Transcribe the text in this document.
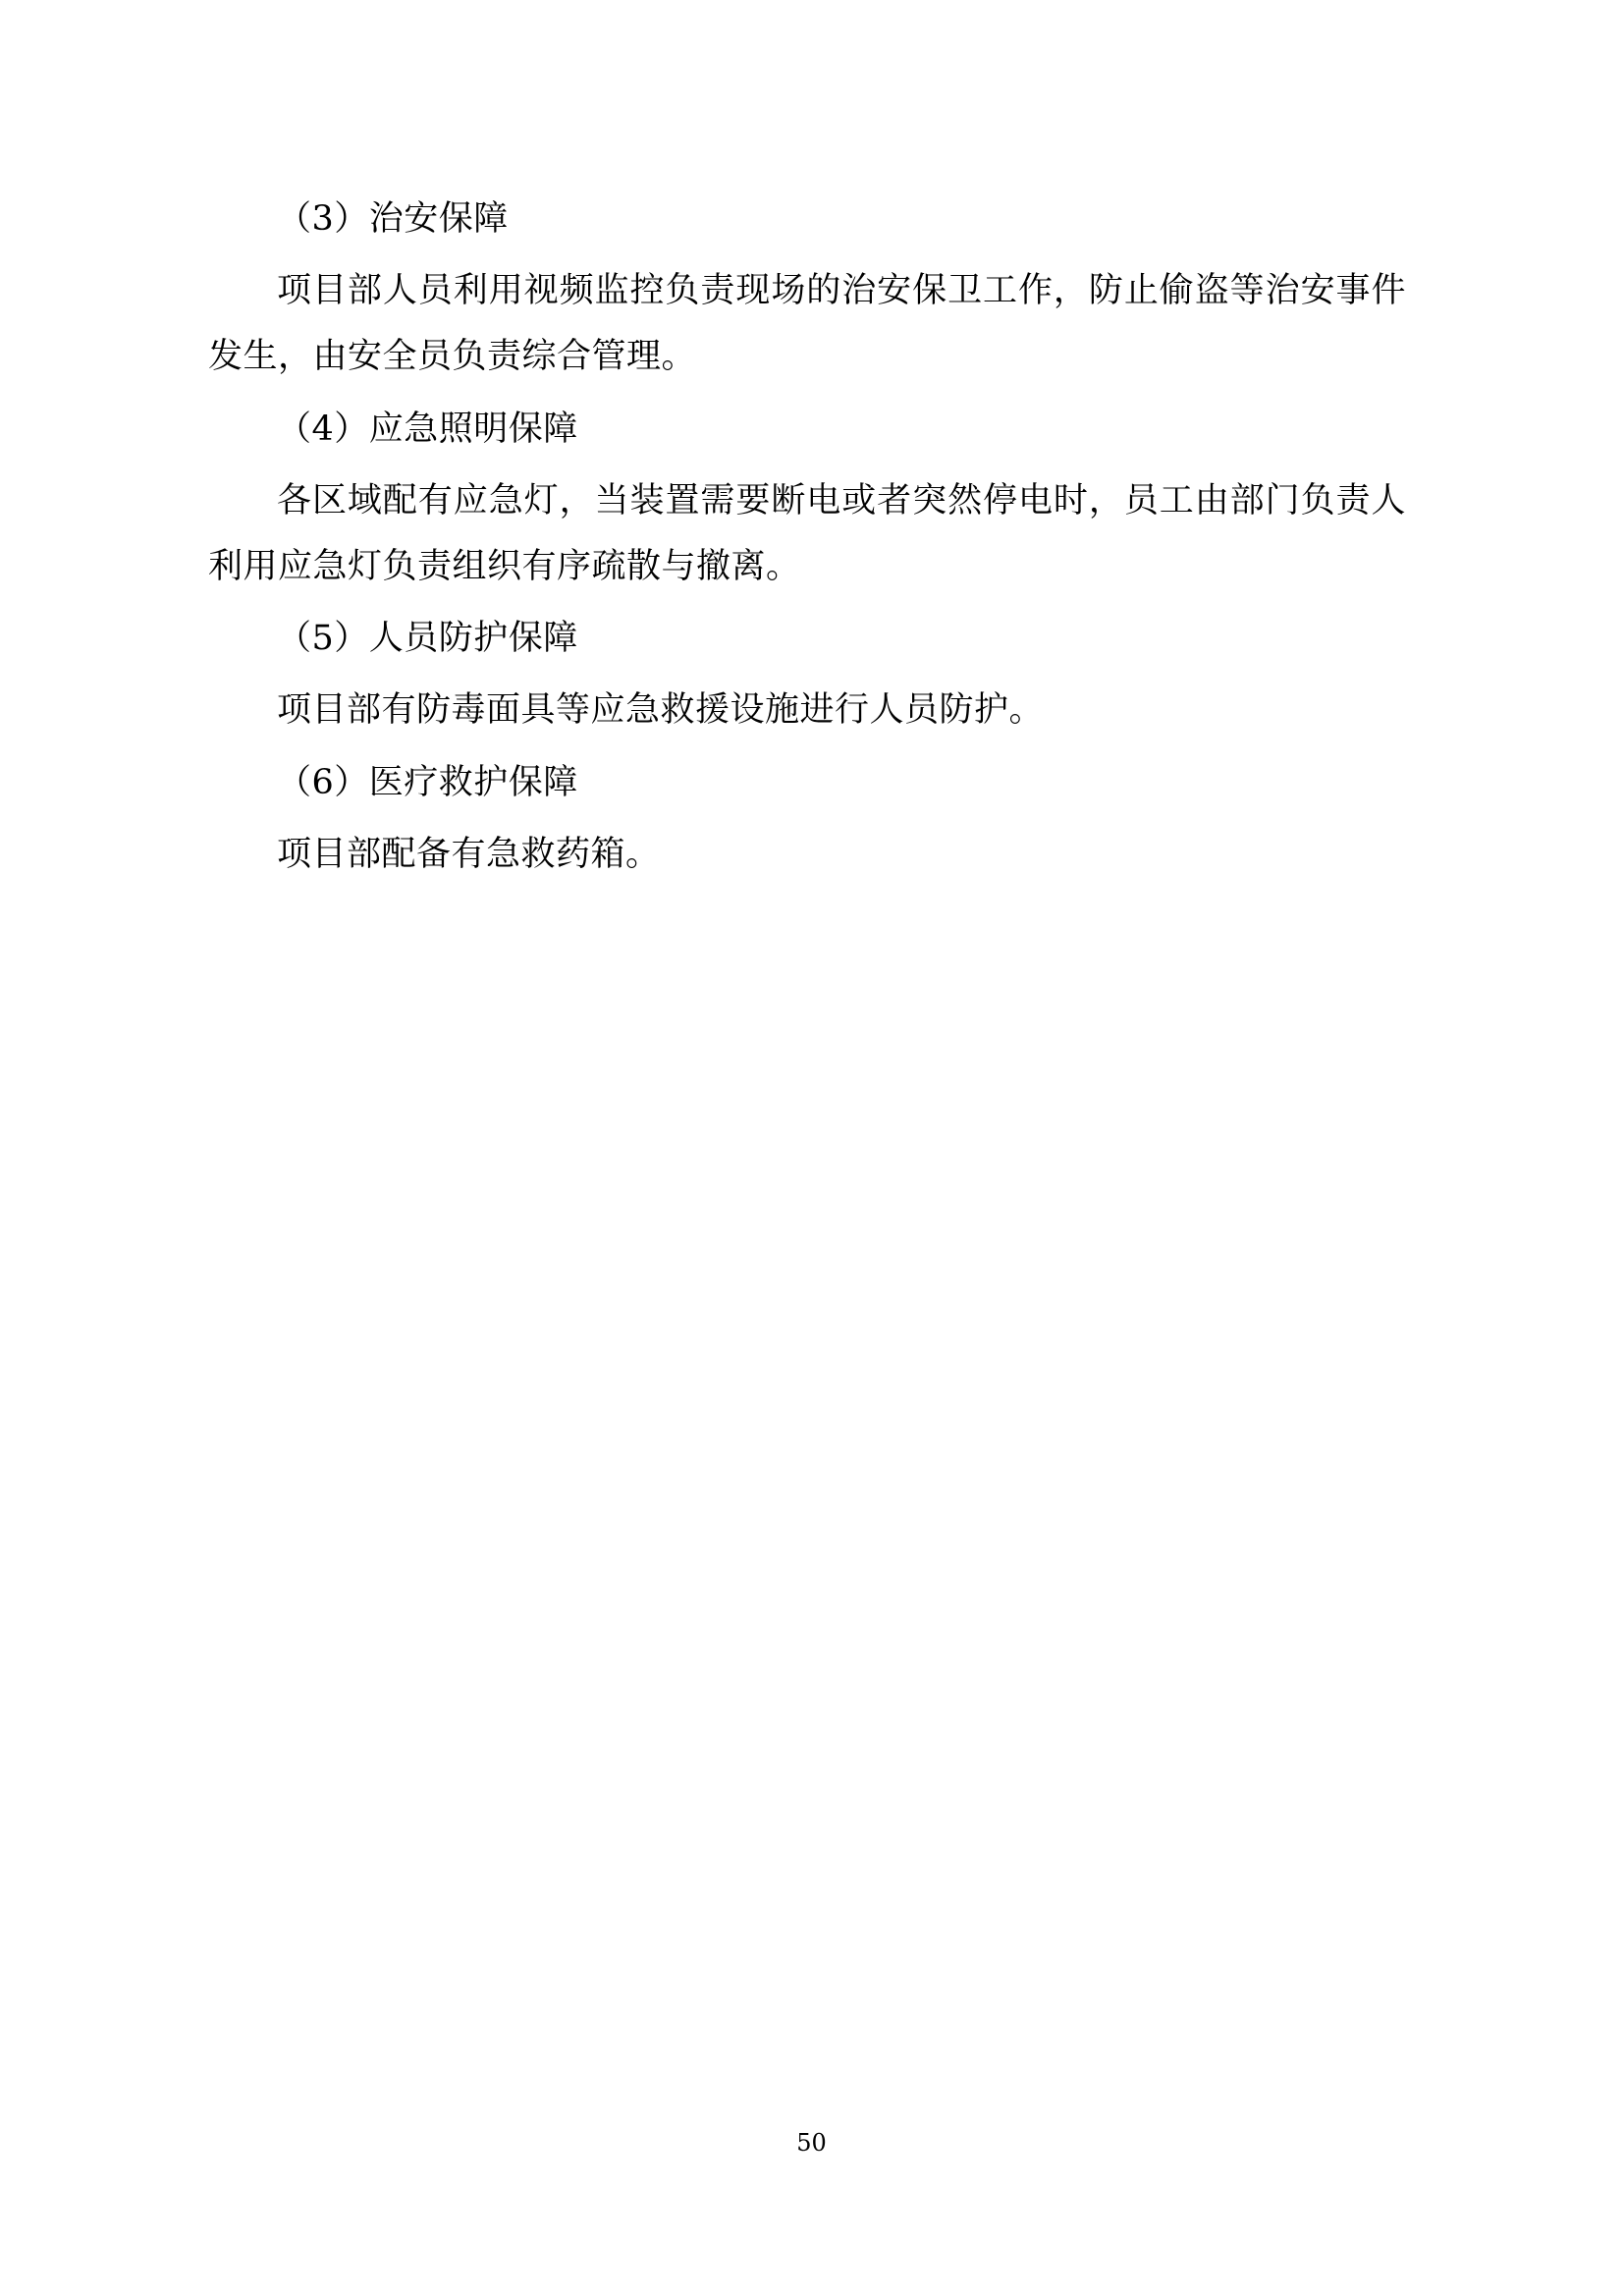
（3）治安保障

项目部人员利用视频监控负责现场的治安保卫工作，防止偷盗等治安事件发生，由安全员负责综合管理。

（4）应急照明保障

各区域配有应急灯，当装置需要断电或者突然停电时，员工由部门负责人利用应急灯负责组织有序疏散与撤离。

（5）人员防护保障

项目部有防毒面具等应急救援设施进行人员防护。

（6）医疗救护保障

项目部配备有急救药箱。

50
